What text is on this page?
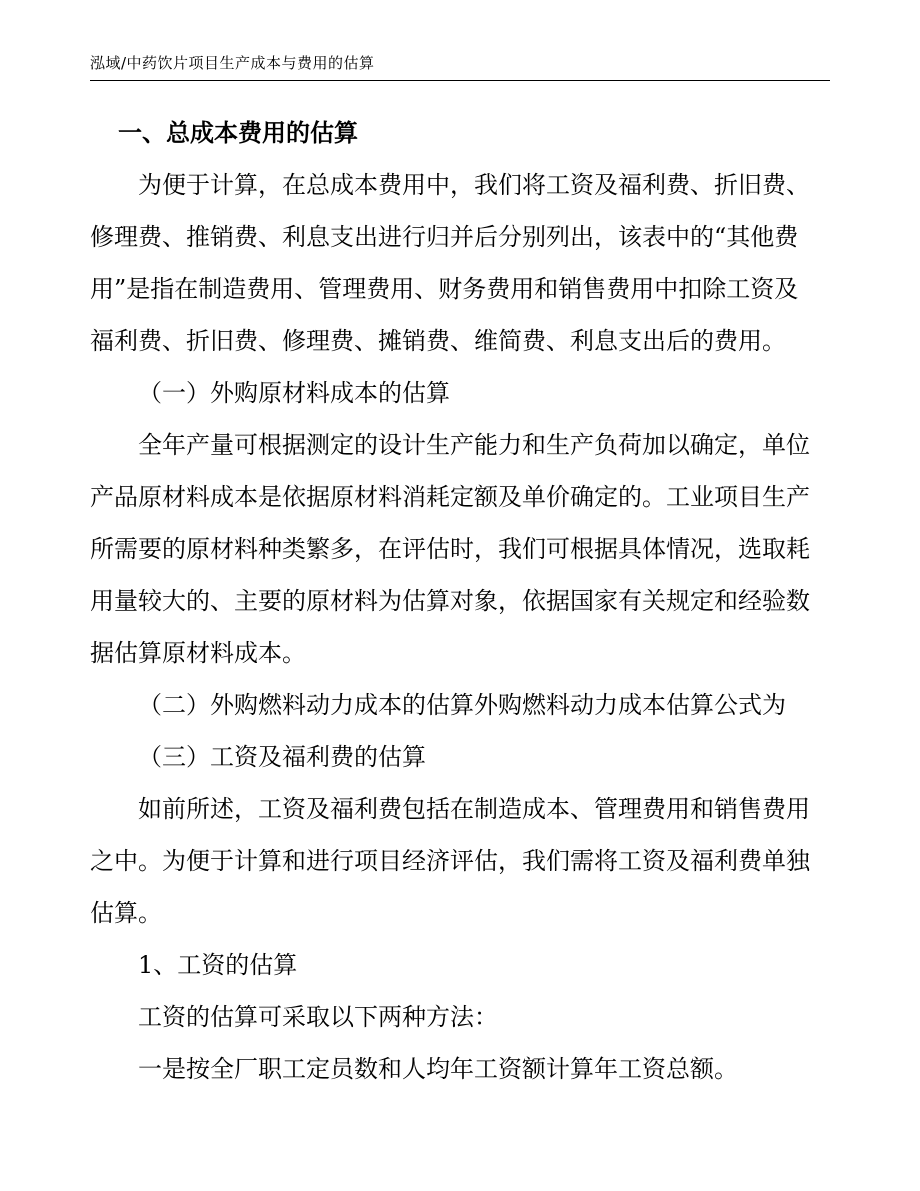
泓域/中药饮片项目生产成本与费用的估算
一、总成本费用的估算
为便于计算，在总成本费用中，我们将工资及福利费、折旧费、
修理费、推销费、利息支出进行归并后分别列出，该表中的“其他费
用”是指在制造费用、管理费用、财务费用和销售费用中扣除工资及
福利费、折旧费、修理费、摊销费、维简费、利息支出后的费用。
（一）外购原材料成本的估算
全年产量可根据测定的设计生产能力和生产负荷加以确定，单位
产品原材料成本是依据原材料消耗定额及单价确定的。工业项目生产
所需要的原材料种类繁多，在评估时，我们可根据具体情况，选取耗
用量较大的、主要的原材料为估算对象，依据国家有关规定和经验数
据估算原材料成本。
（二）外购燃料动力成本的估算外购燃料动力成本估算公式为
（三）工资及福利费的估算
如前所述，工资及福利费包括在制造成本、管理费用和销售费用
之中。为便于计算和进行项目经济评估，我们需将工资及福利费单独
估算。
1、工资的估算
工资的估算可采取以下两种方法：
一是按全厂职工定员数和人均年工资额计算年工资总额。
